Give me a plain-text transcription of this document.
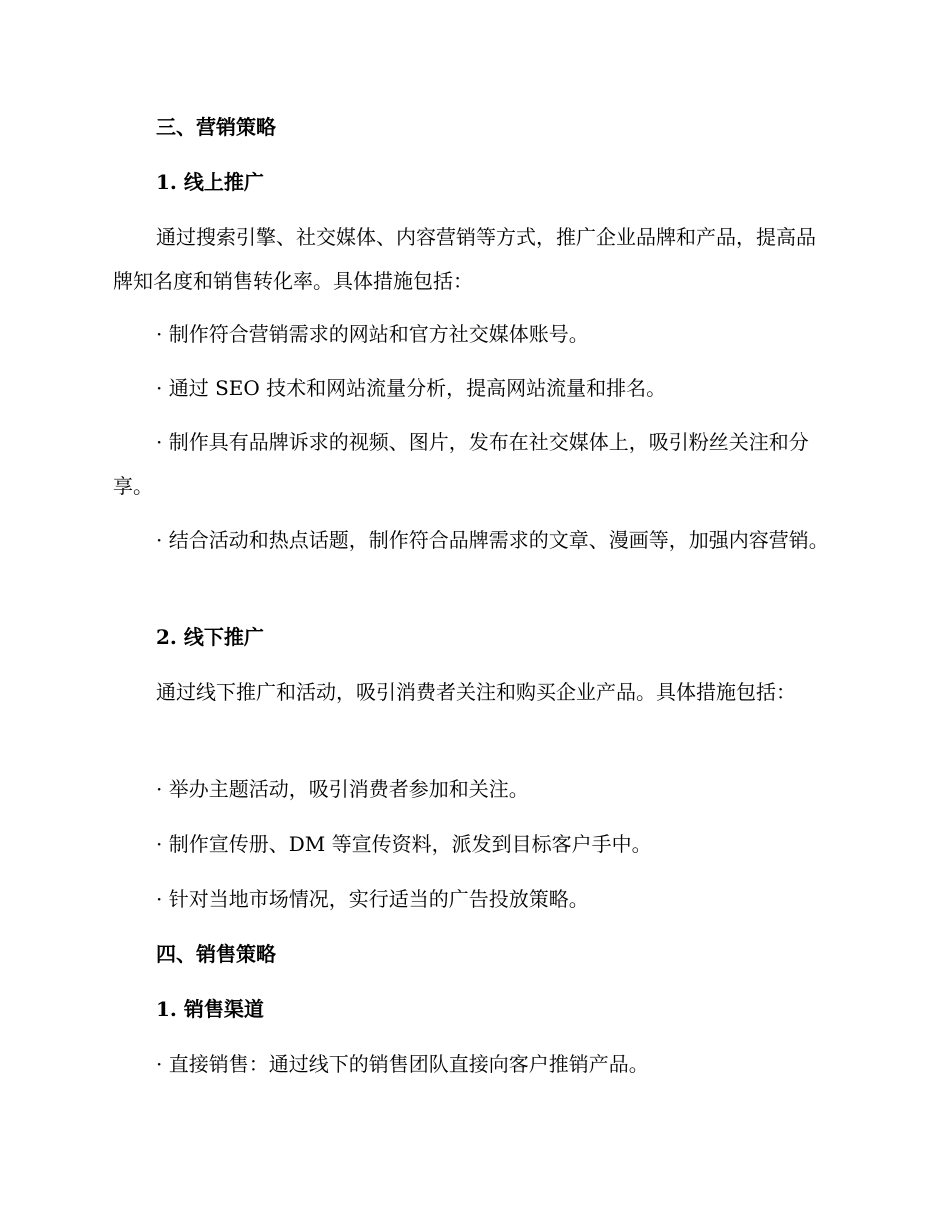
三、营销策略

1. 线上推广

通过搜索引擎、社交媒体、内容营销等方式，推广企业品牌和产品，提高品牌知名度和销售转化率。具体措施包括：

· 制作符合营销需求的网站和官方社交媒体账号。

· 通过 SEO 技术和网站流量分析，提高网站流量和排名。

· 制作具有品牌诉求的视频、图片，发布在社交媒体上，吸引粉丝关注和分享。

· 结合活动和热点话题，制作符合品牌需求的文章、漫画等，加强内容营销。

2. 线下推广

通过线下推广和活动，吸引消费者关注和购买企业产品。具体措施包括：

· 举办主题活动，吸引消费者参加和关注。

· 制作宣传册、DM 等宣传资料，派发到目标客户手中。

· 针对当地市场情况，实行适当的广告投放策略。

四、销售策略

1. 销售渠道

· 直接销售：通过线下的销售团队直接向客户推销产品。
